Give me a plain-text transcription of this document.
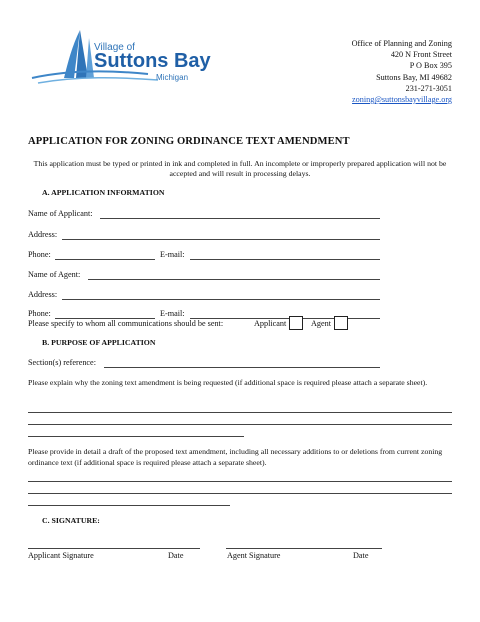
Village of
Suttons Bay
Michigan
Office of Planning and Zoning
420 N Front Street
P O Box 395
Suttons Bay, MI 49682
231-271-3051
zoning@suttonsbayvillage.org
APPLICATION FOR ZONING ORDINANCE TEXT AMENDMENT
This application must be typed or printed in ink and completed in full. An incomplete or improperly prepared application will not be accepted and will result in processing delays.
A. APPLICATION INFORMATION
Name of Applicant:
Address:
Phone:	E-mail:
Name of Agent:
Address:
Phone:	E-mail:
Please specify to whom all communications should be sent:	Applicant	Agent
B. PURPOSE OF APPLICATION
Section(s) reference:
Please explain why the zoning text amendment is being requested (if additional space is required please attach a separate sheet).
Please provide in detail a draft of the proposed text amendment, including all necessary additions to or deletions from current zoning ordinance text (if additional space is required please attach a separate sheet).
C. SIGNATURE:
Applicant Signature	Date	Agent Signature	Date
